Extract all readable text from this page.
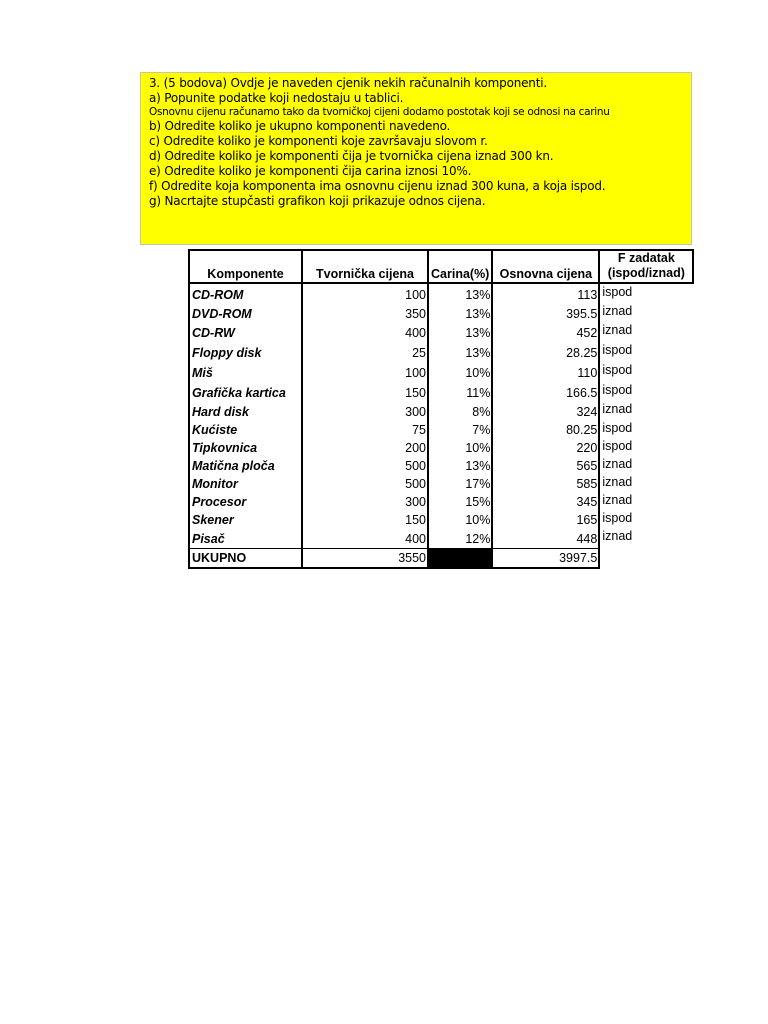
3. (5 bodova) Ovdje je naveden cjenik nekih računalnih komponenti.
a) Popunite podatke koji nedostaju u tablici.
Osnovnu cijenu računamo tako da tvorničkoj cijeni dodamo postotak koji se odnosi na carinu
b) Odredite koliko je ukupno komponenti navedeno.
c) Odredite koliko je komponenti koje završavaju slovom r.
d) Odredite koliko je komponenti čija je tvornička cijena iznad 300 kn.
e) Odredite koliko je komponenti čija carina iznosi 10%.
f) Odredite koja komponenta ima osnovnu cijenu iznad 300 kuna, a koja ispod.
g) Nacrtajte stupčasti grafikon koji prikazuje odnos cijena.
Komponente	Tvornička cijena	Carina(%)	Osnovna cijena	F zadatak
(ispod/iznad)

CD-ROM	100	13%	113	ispod
DVD-ROM	350	13%	395.5	iznad
CD-RW	400	13%	452	iznad
Floppy disk	25	13%	28.25	ispod
Miš	100	10%	110	ispod
Grafička kartica	150	11%	166.5	ispod
Hard disk	300	8%	324	iznad
Kućiste	75	7%	80.25	ispod
Tipkovnica	200	10%	220	ispod
Matična ploča	500	13%	565	iznad
Monitor	500	17%	585	iznad
Procesor	300	15%	345	iznad
Skener	150	10%	165	ispod
Pisač	400	12%	448	iznad
UKUPNO	3550		3997.5	
